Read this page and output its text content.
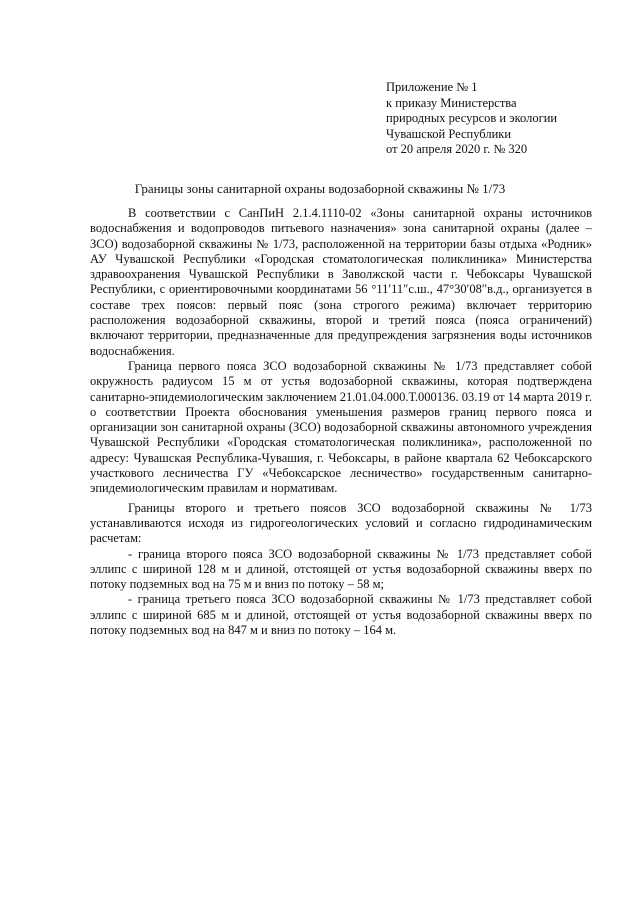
Приложение № 1
к приказу Министерства
природных ресурсов и экологии
Чувашской Республики
от 20 апреля 2020 г. № 320
Границы зоны санитарной охраны водозаборной скважины № 1/73

В соответствии с СанПиН 2.1.4.1110-02 «Зоны санитарной охраны источников водоснабжения и водопроводов питьевого назначения» зона санитарной охраны (далее – ЗСО) водозаборной скважины № 1/73, расположенной на территории базы отдыха «Родник» АУ Чувашской Республики «Городская стоматологическая поликлиника» Министерства здравоохранения Чувашской Республики в Заволжской части г. Чебоксары Чувашской Республики, с ориентировочными координатами 56 °11′11″с.ш., 47°30′08″в.д., организуется в составе трех поясов: первый пояс (зона строгого режима) включает территорию расположения водозаборной скважины, второй и третий пояса (пояса ограничений) включают территории, предназначенные для предупреждения загрязнения воды источников водоснабжения.

Граница первого пояса ЗСО водозаборной скважины № 1/73 представляет собой окружность радиусом 15 м от устья водозаборной скважины, которая подтверждена санитарно-эпидемиологическим заключением 21.01.04.000.Т.000136. 03.19 от 14 марта 2019 г. о соответствии Проекта обоснования уменьшения размеров границ первого пояса и организации зон санитарной охраны (ЗСО) водозаборной скважины автономного учреждения Чувашской Республики «Городская стоматологическая поликлиника», расположенной по адресу: Чувашская Республика-Чувашия, г. Чебоксары, в районе квартала 62 Чебоксарского участкового лесничества ГУ «Чебоксарское лесничество» государственным санитарно-эпидемиологическим правилам и нормативам.

Границы второго и третьего поясов ЗСО водозаборной скважины № 1/73 устанавливаются исходя из гидрогеологических условий и согласно гидродинамическим расчетам:

- граница второго пояса ЗСО водозаборной скважины № 1/73 представляет собой эллипс с шириной 128 м и длиной, отстоящей от устья водозаборной скважины вверх по потоку подземных вод на 75 м и вниз по потоку – 58 м;

- граница третьего пояса ЗСО водозаборной скважины № 1/73 представляет собой эллипс с шириной 685 м и длиной, отстоящей от устья водозаборной скважины вверх по потоку подземных вод на 847 м и вниз по потоку – 164 м.
